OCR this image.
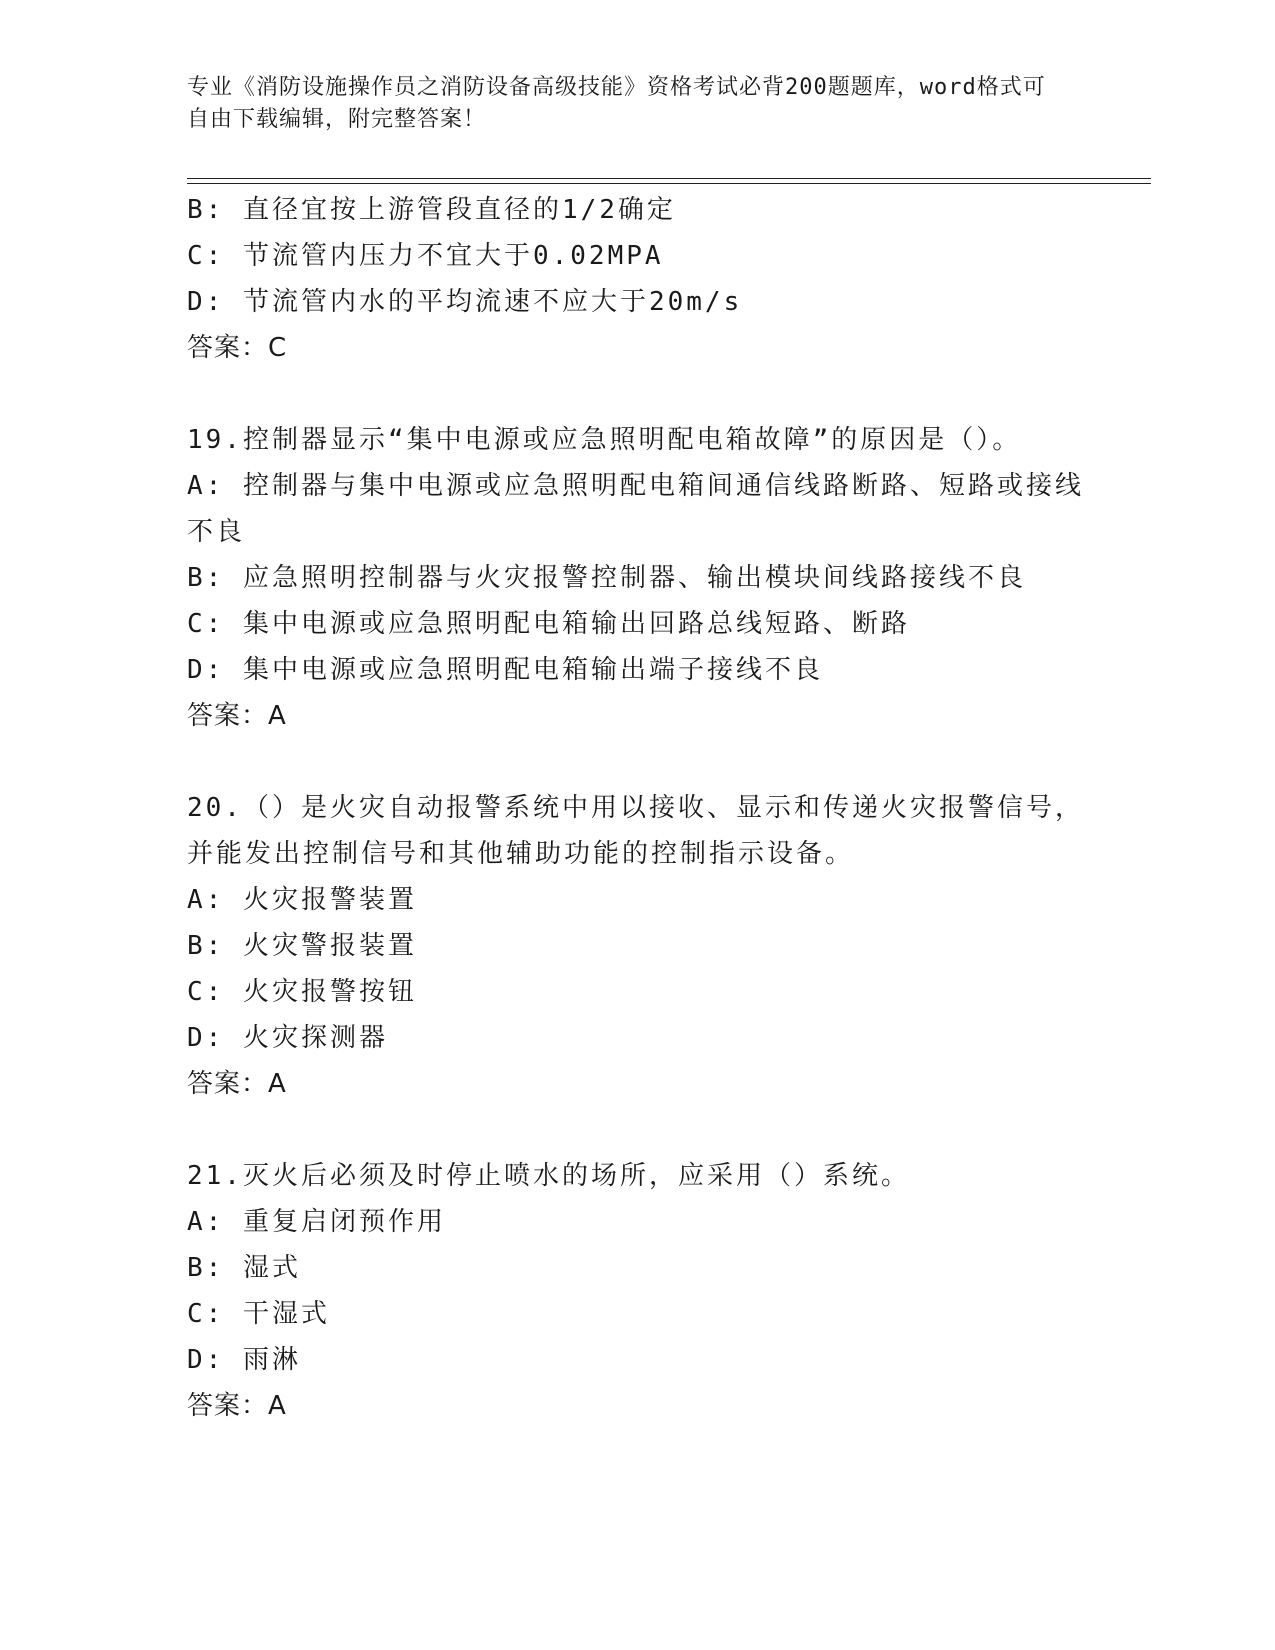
专业《消防设施操作员之消防设备高级技能》资格考试必背200题题库，word格式可自由下载编辑，附完整答案！
B: 直径宜按上游管段直径的1/2确定
C: 节流管内压力不宜大于0.02MPA
D: 节流管内水的平均流速不应大于20m/s
答案：C
19.控制器显示“集中电源或应急照明配电箱故障”的原因是（）。
A: 控制器与集中电源或应急照明配电箱间通信线路断路、短路或接线不良
B: 应急照明控制器与火灾报警控制器、输出模块间线路接线不良
C: 集中电源或应急照明配电箱输出回路总线短路、断路
D: 集中电源或应急照明配电箱输出端子接线不良
答案：A
20.（）是火灾自动报警系统中用以接收、显示和传递火灾报警信号，并能发出控制信号和其他辅助功能的控制指示设备。
A: 火灾报警装置
B: 火灾警报装置
C: 火灾报警按钮
D: 火灾探测器
答案：A
21.灭火后必须及时停止喷水的场所，应采用（）系统。
A: 重复启闭预作用
B: 湿式
C: 干湿式
D: 雨淋
答案：A
